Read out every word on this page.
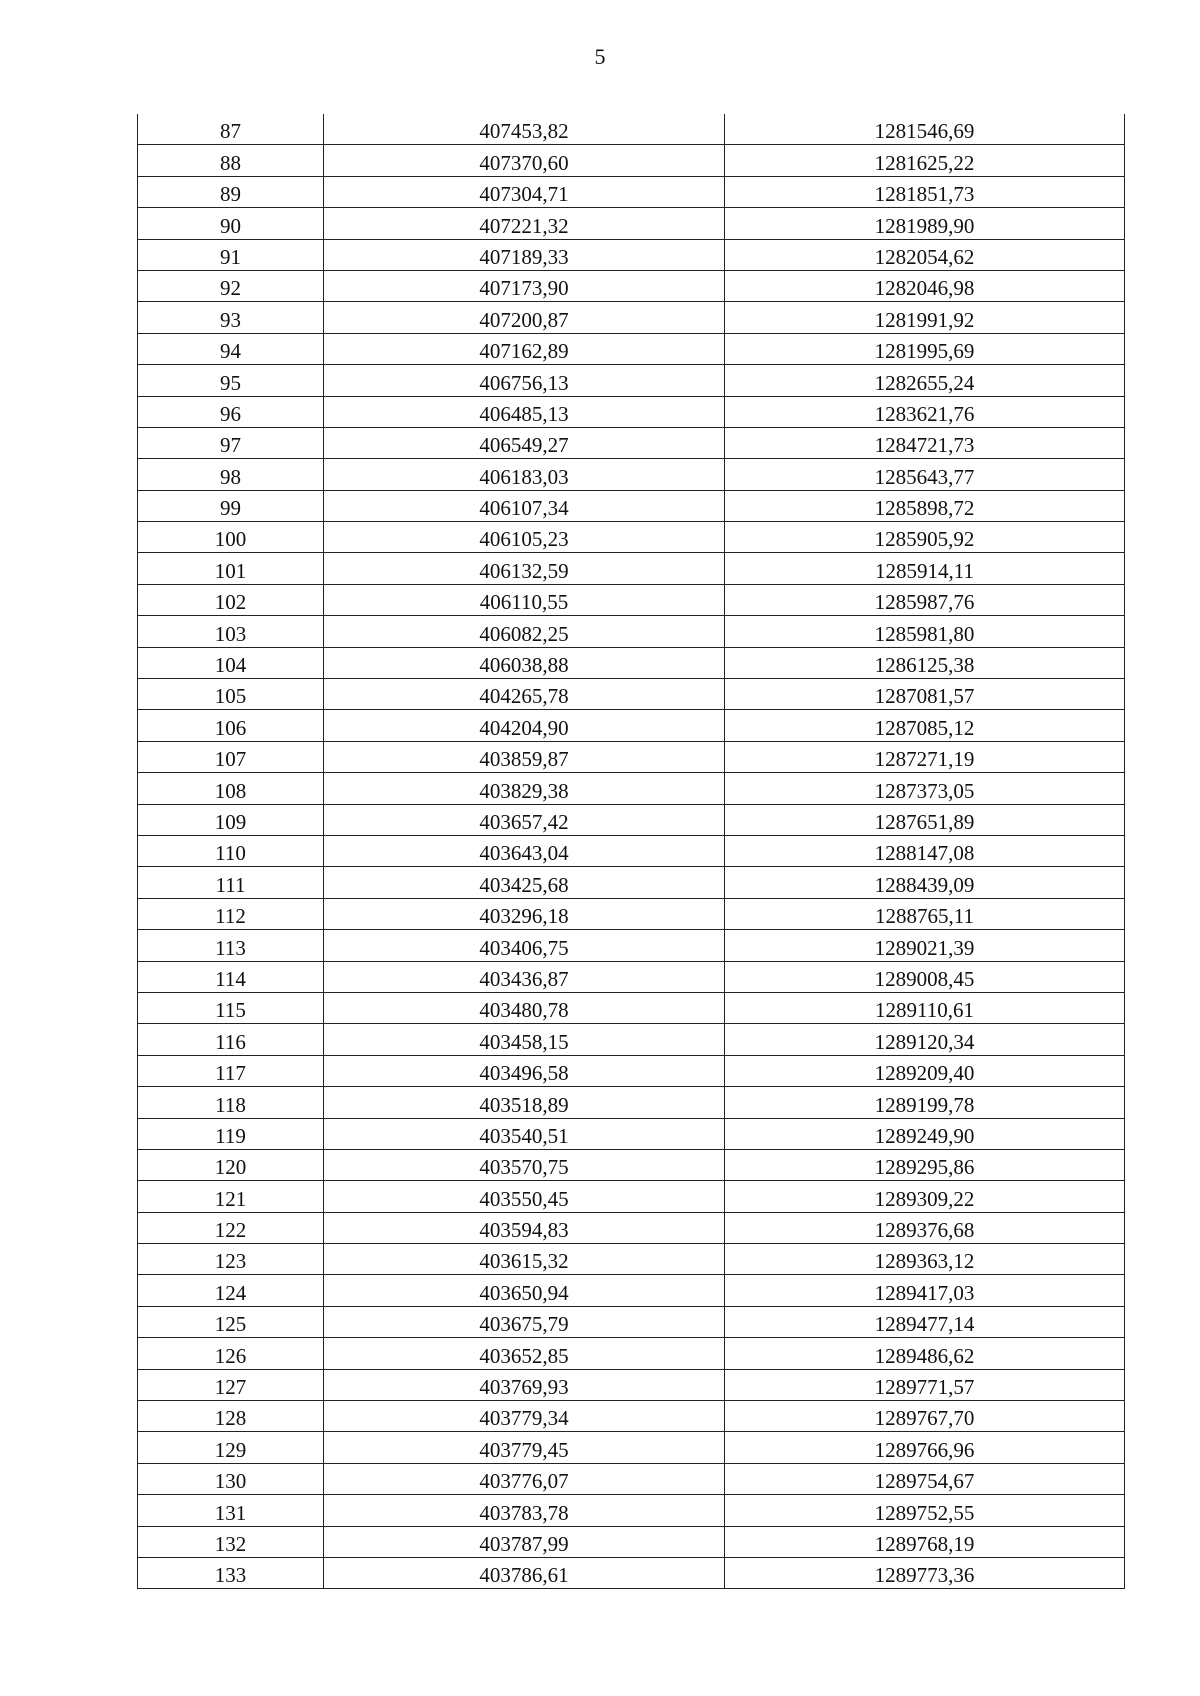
5
87	407453,82	1281546,69
88	407370,60	1281625,22
89	407304,71	1281851,73
90	407221,32	1281989,90
91	407189,33	1282054,62
92	407173,90	1282046,98
93	407200,87	1281991,92
94	407162,89	1281995,69
95	406756,13	1282655,24
96	406485,13	1283621,76
97	406549,27	1284721,73
98	406183,03	1285643,77
99	406107,34	1285898,72
100	406105,23	1285905,92
101	406132,59	1285914,11
102	406110,55	1285987,76
103	406082,25	1285981,80
104	406038,88	1286125,38
105	404265,78	1287081,57
106	404204,90	1287085,12
107	403859,87	1287271,19
108	403829,38	1287373,05
109	403657,42	1287651,89
110	403643,04	1288147,08
111	403425,68	1288439,09
112	403296,18	1288765,11
113	403406,75	1289021,39
114	403436,87	1289008,45
115	403480,78	1289110,61
116	403458,15	1289120,34
117	403496,58	1289209,40
118	403518,89	1289199,78
119	403540,51	1289249,90
120	403570,75	1289295,86
121	403550,45	1289309,22
122	403594,83	1289376,68
123	403615,32	1289363,12
124	403650,94	1289417,03
125	403675,79	1289477,14
126	403652,85	1289486,62
127	403769,93	1289771,57
128	403779,34	1289767,70
129	403779,45	1289766,96
130	403776,07	1289754,67
131	403783,78	1289752,55
132	403787,99	1289768,19
133	403786,61	1289773,36
